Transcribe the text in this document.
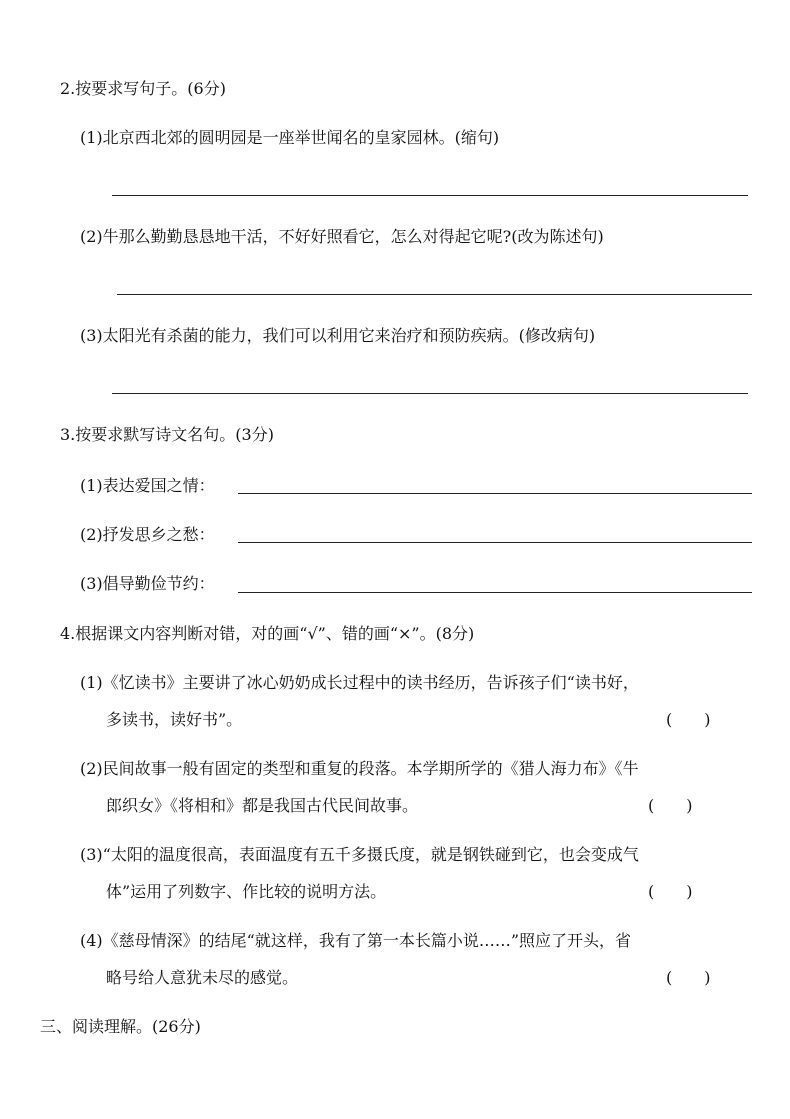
2.按要求写句子。(6分)
(1)北京西北郊的圆明园是一座举世闻名的皇家园林。(缩句)
(2)牛那么勤勤恳恳地干活，不好好照看它，怎么对得起它呢?(改为陈述句)
(3)太阳光有杀菌的能力，我们可以利用它来治疗和预防疾病。(修改病句)
3.按要求默写诗文名句。(3分)
(1)表达爱国之情：
(2)抒发思乡之愁：
(3)倡导勤俭节约：
4.根据课文内容判断对错，对的画“√”、错的画“×”。(8分)
(1)《忆读书》主要讲了冰心奶奶成长过程中的读书经历，告诉孩子们“读书好，
多读书，读好书”。	(　　)
(2)民间故事一般有固定的类型和重复的段落。本学期所学的《猎人海力布》《牛
郎织女》《将相和》都是我国古代民间故事。	(　　)
(3)“太阳的温度很高，表面温度有五千多摄氏度，就是钢铁碰到它，也会变成气
体”运用了列数字、作比较的说明方法。	(　　)
(4)《慈母情深》的结尾“就这样，我有了第一本长篇小说……”照应了开头，省
略号给人意犹未尽的感觉。	(　　)
三、阅读理解。(26分)
